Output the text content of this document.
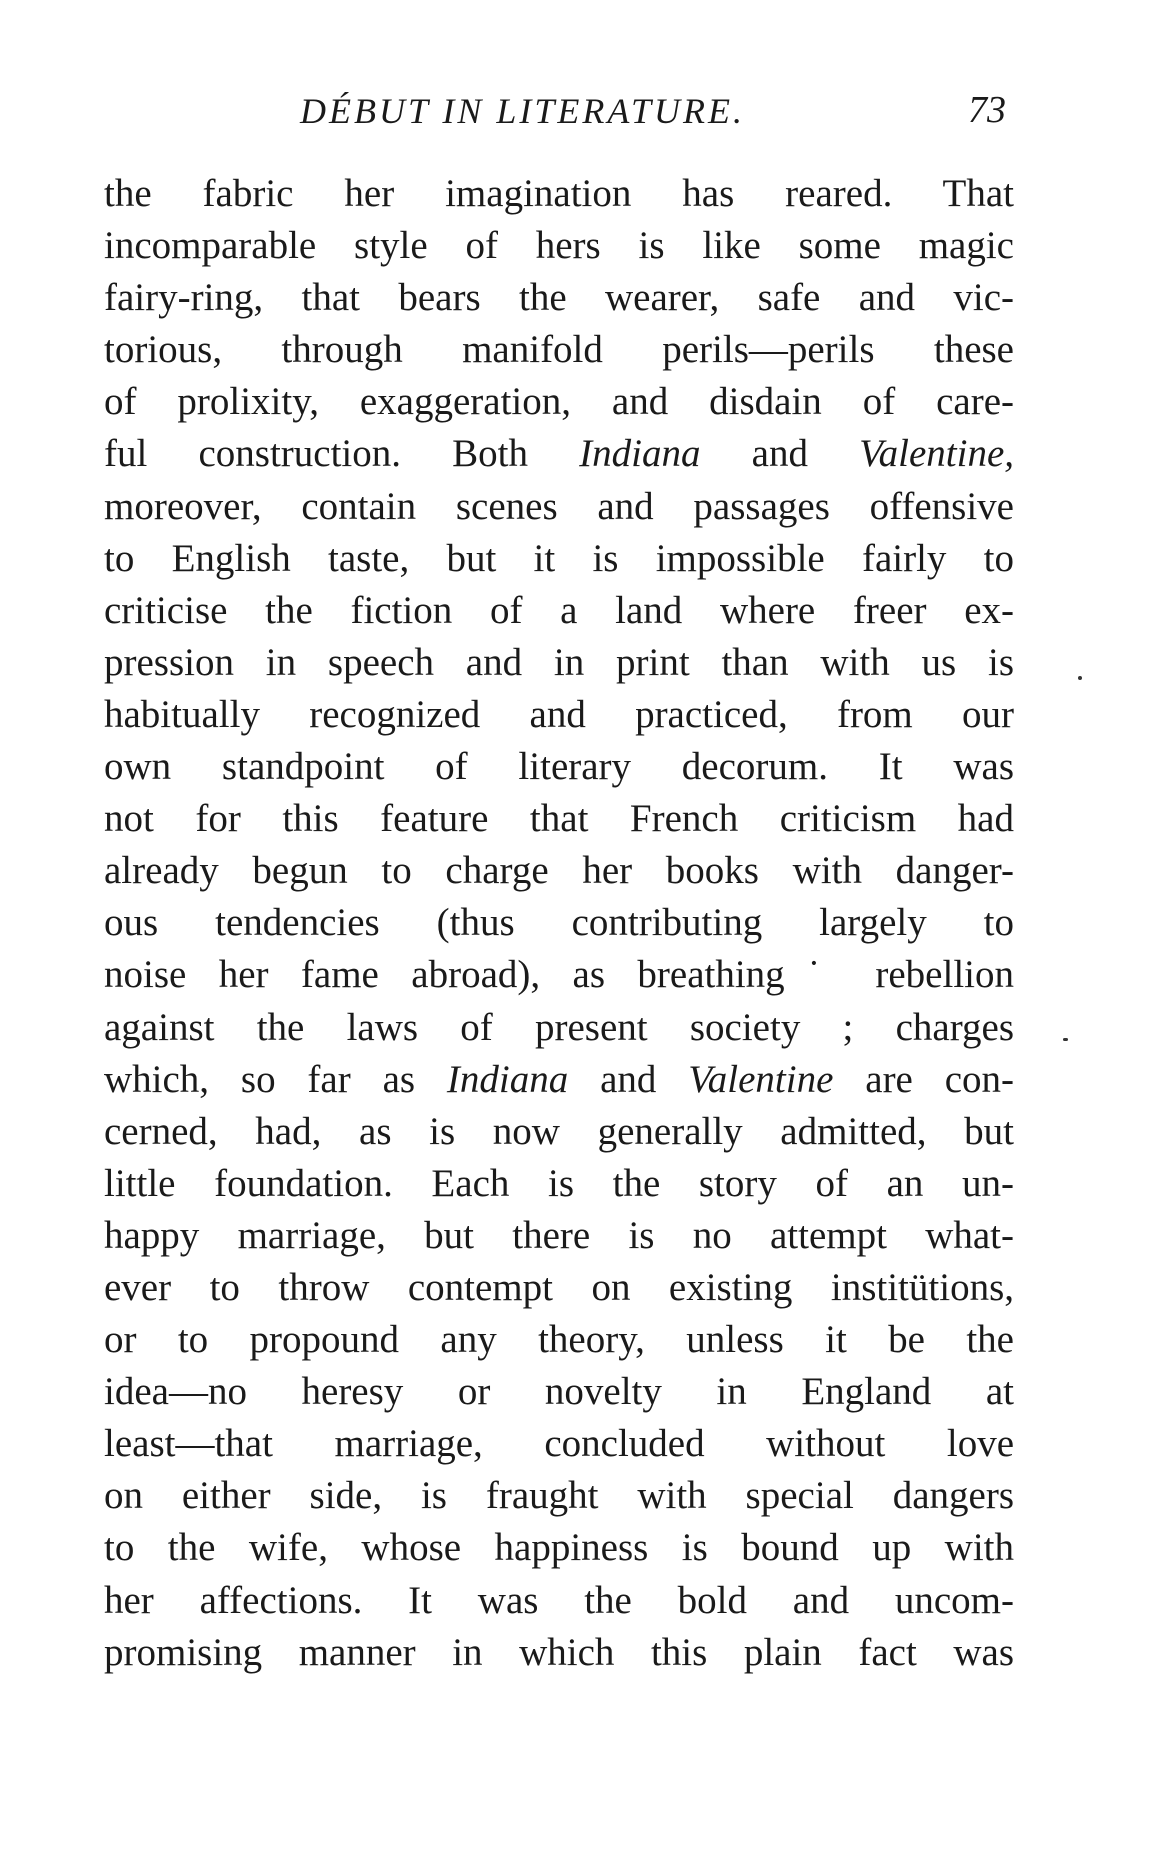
DÉBUT IN LITERATURE.	73
the fabric her imagination has reared. That
incomparable style of hers is like some magic
fairy-ring, that bears the wearer, safe and vic-
torious, through manifold perils—perils these
of prolixity, exaggeration, and disdain of care-
ful construction. Both Indiana and Valentine,
moreover, contain scenes and passages offensive
to English taste, but it is impossible fairly to
criticise the fiction of a land where freer ex-
pression in speech and in print than with us is
habitually recognized and practiced, from our
own standpoint of literary decorum. It was
not for this feature that French criticism had
already begun to charge her books with danger-
ous tendencies (thus contributing largely to
noise her fame abroad), as breathing˙ rebellion
against the laws of present society ; charges
which, so far as Indiana and Valentine are con-
cerned, had, as is now generally admitted, but
little foundation. Each is the story of an un-
happy marriage, but there is no attempt what-
ever to throw contempt on existing institütions,
or to propound any theory, unless it be the
idea—no heresy or novelty in England at
least—that marriage, concluded without love
on either side, is fraught with special dangers
to the wife, whose happiness is bound up with
her affections. It was the bold and uncom-
promising manner in which this plain fact was
